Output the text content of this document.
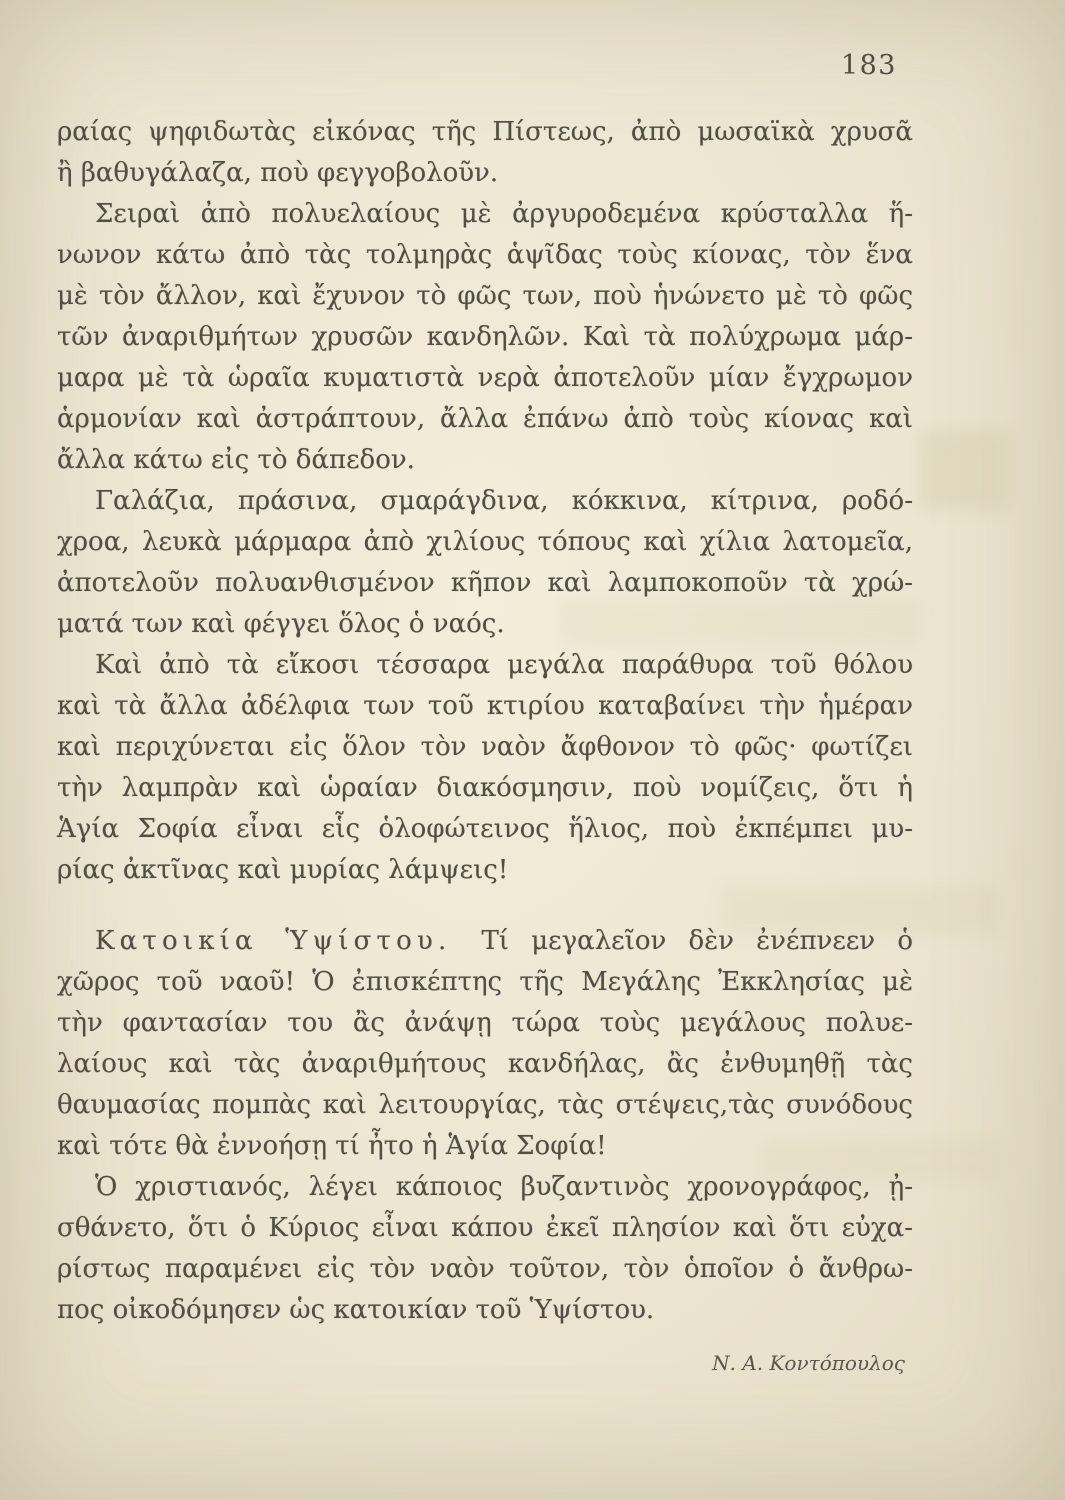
183
ραίας ψηφιδωτὰς εἰκόνας τῆς Πίστεως, ἀπὸ μωσαϊκὰ χρυσᾶ
ἢ βαθυγάλαζα, ποὺ φεγγοβολοῦν.
Σειραὶ ἀπὸ πολυελαίους μὲ ἀργυροδεμένα κρύσταλλα ἥ-
νωνον κάτω ἀπὸ τὰς τολμηρὰς ἁψῖδας τοὺς κίονας, τὸν ἕνα
μὲ τὸν ἄλλον, καὶ ἔχυνον τὸ φῶς των, ποὺ ἡνώνετο μὲ τὸ φῶς
τῶν ἀναριθμήτων χρυσῶν κανδηλῶν. Καὶ τὰ πολύχρωμα μάρ-
μαρα μὲ τὰ ὡραῖα κυματιστὰ νερὰ ἀποτελοῦν μίαν ἔγχρωμον
ἁρμονίαν καὶ ἀστράπτουν, ἄλλα ἐπάνω ἀπὸ τοὺς κίονας καὶ
ἄλλα κάτω εἰς τὸ δάπεδον.
Γαλάζια, πράσινα, σμαράγδινα, κόκκινα, κίτρινα, ροδό-
χροα, λευκὰ μάρμαρα ἀπὸ χιλίους τόπους καὶ χίλια λατομεῖα,
ἀποτελοῦν πολυανθισμένον κῆπον καὶ λαμποκοποῦν τὰ χρώ-
ματά των καὶ φέγγει ὅλος ὁ ναός.
Καὶ ἀπὸ τὰ εἴκοσι τέσσαρα μεγάλα παράθυρα τοῦ θόλου
καὶ τὰ ἄλλα ἀδέλφια των τοῦ κτιρίου καταβαίνει τὴν ἡμέραν
καὶ περιχύνεται εἰς ὅλον τὸν ναὸν ἄφθονον τὸ φῶς· φωτίζει
τὴν λαμπρὰν καὶ ὡραίαν διακόσμησιν, ποὺ νομίζεις, ὅτι ἡ
Ἁγία Σοφία εἶναι εἷς ὁλοφώτεινος ἥλιος, ποὺ ἐκπέμπει μυ-
ρίας ἀκτῖνας καὶ μυρίας λάμψεις!
Κατοικία Ὑψίστου. Τί μεγαλεῖον δὲν ἐνέπνεεν ὁ
χῶρος τοῦ ναοῦ! Ὁ ἐπισκέπτης τῆς Μεγάλης Ἐκκλησίας μὲ
τὴν φαντασίαν του ἂς ἀνάψῃ τώρα τοὺς μεγάλους πολυε-
λαίους καὶ τὰς ἀναριθμήτους κανδήλας, ἂς ἐνθυμηθῇ τὰς
θαυμασίας πομπὰς καὶ λειτουργίας, τὰς στέψεις,τὰς συνόδους
καὶ τότε θὰ ἐννοήσῃ τί ἦτο ἡ Ἁγία Σοφία!
Ὁ χριστιανός, λέγει κάποιος βυζαντινὸς χρονογράφος, ᾐ-
σθάνετο, ὅτι ὁ Κύριος εἶναι κάπου ἐκεῖ πλησίον καὶ ὅτι εὐχα-
ρίστως παραμένει εἰς τὸν ναὸν τοῦτον, τὸν ὁποῖον ὁ ἄνθρω-
πος οἰκοδόμησεν ὡς κατοικίαν τοῦ Ὑψίστου.
Ν. Α. Κοντόπουλος
